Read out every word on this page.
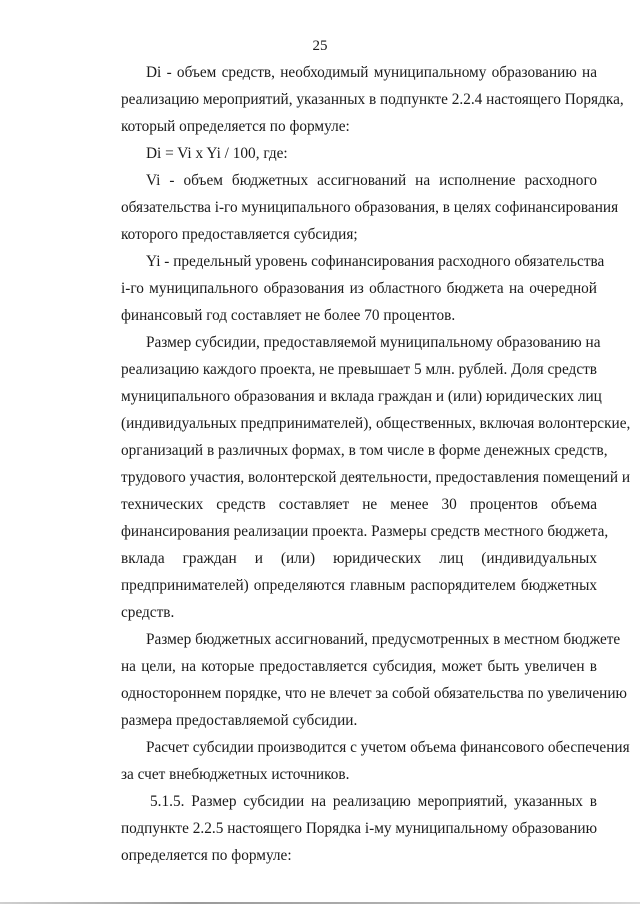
25
Di - объем средств, необходимый муниципальному образованию на
реализацию мероприятий, указанных в подпункте 2.2.4 настоящего Порядка,
который определяется по формуле:
Di = Vi x Yi / 100, где:
Vi - объем бюджетных ассигнований на исполнение расходного
обязательства i-го муниципального образования, в целях софинансирования
которого предоставляется субсидия;
Yi - предельный уровень софинансирования расходного обязательства
i-го муниципального образования из областного бюджета на очередной
финансовый год составляет не более 70 процентов.
Размер субсидии, предоставляемой муниципальному образованию на
реализацию каждого проекта, не превышает 5 млн. рублей. Доля средств
муниципального образования и вклада граждан и (или) юридических лиц
(индивидуальных предпринимателей), общественных, включая волонтерские,
организаций в различных формах, в том числе в форме денежных средств,
трудового участия, волонтерской деятельности, предоставления помещений и
технических средств составляет не менее 30 процентов объема
финансирования реализации проекта. Размеры средств местного бюджета,
вклада граждан и (или) юридических лиц (индивидуальных
предпринимателей) определяются главным распорядителем бюджетных
средств.
Размер бюджетных ассигнований, предусмотренных в местном бюджете
на цели, на которые предоставляется субсидия, может быть увеличен в
одностороннем порядке, что не влечет за собой обязательства по увеличению
размера предоставляемой субсидии.
Расчет субсидии производится с учетом объема финансового обеспечения
за счет внебюджетных источников.
5.1.5. Размер субсидии на реализацию мероприятий, указанных в
подпункте 2.2.5 настоящего Порядка i-му муниципальному образованию
определяется по формуле:
